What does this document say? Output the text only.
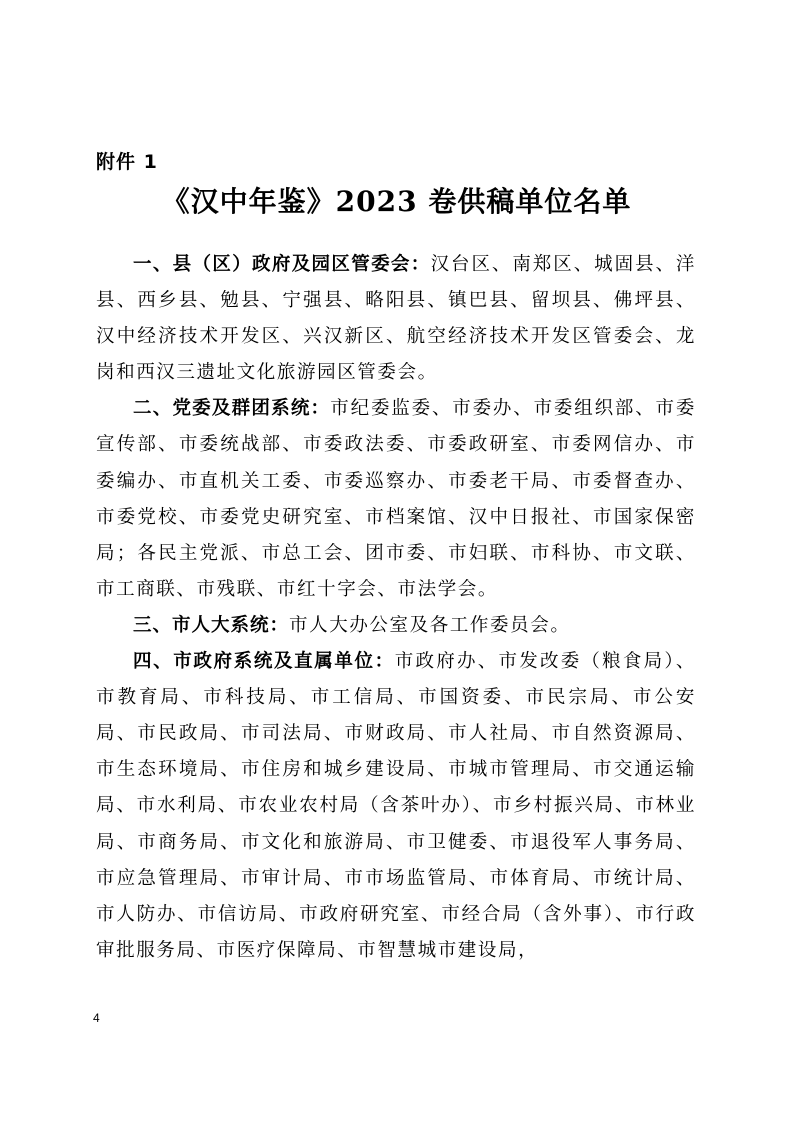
附件 1
《汉中年鉴》2023 卷供稿单位名单

一、县（区）政府及园区管委会：汉台区、南郑区、城固县、洋县、西乡县、勉县、宁强县、略阳县、镇巴县、留坝县、佛坪县、汉中经济技术开发区、兴汉新区、航空经济技术开发区管委会、龙岗和西汉三遗址文化旅游园区管委会。

二、党委及群团系统：市纪委监委、市委办、市委组织部、市委宣传部、市委统战部、市委政法委、市委政研室、市委网信办、市委编办、市直机关工委、市委巡察办、市委老干局、市委督查办、市委党校、市委党史研究室、市档案馆、汉中日报社、市国家保密局；各民主党派、市总工会、团市委、市妇联、市科协、市文联、市工商联、市残联、市红十字会、市法学会。

三、市人大系统：市人大办公室及各工作委员会。

四、市政府系统及直属单位：市政府办、市发改委（粮食局）、市教育局、市科技局、市工信局、市国资委、市民宗局、市公安局、市民政局、市司法局、市财政局、市人社局、市自然资源局、市生态环境局、市住房和城乡建设局、市城市管理局、市交通运输局、市水利局、市农业农村局（含茶叶办）、市乡村振兴局、市林业局、市商务局、市文化和旅游局、市卫健委、市退役军人事务局、市应急管理局、市审计局、市市场监管局、市体育局、市统计局、市人防办、市信访局、市政府研究室、市经合局（含外事）、市行政审批服务局、市医疗保障局、市智慧城市建设局，

4
